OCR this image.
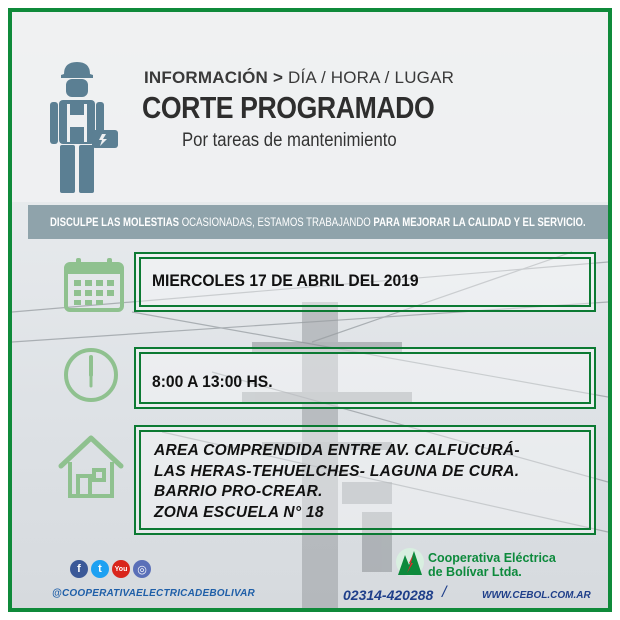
INFORMACIÓN > DÍA / HORA / LUGAR
CORTE PROGRAMADO
Por tareas de mantenimiento
DISCULPE LAS MOLESTIAS OCASIONADAS, ESTAMOS TRABAJANDO PARA MEJORAR LA CALIDAD Y EL SERVICIO.
MIERCOLES 17 DE ABRIL DEL 2019
8:00 A 13:00 HS.
AREA COMPRENDIDA ENTRE AV. CALFUCURÁ-
LAS HERAS-TEHUELCHES- LAGUNA DE CURA.
BARRIO PRO-CREAR.
ZONA ESCUELA N° 18
f	t	You ◎
@COOPERATIVAELECTRICADEBOLIVAR
Cooperativa Eléctrica
de Bolívar Ltda.
02314-420288 /	WWW.CEBOL.COM.AR
